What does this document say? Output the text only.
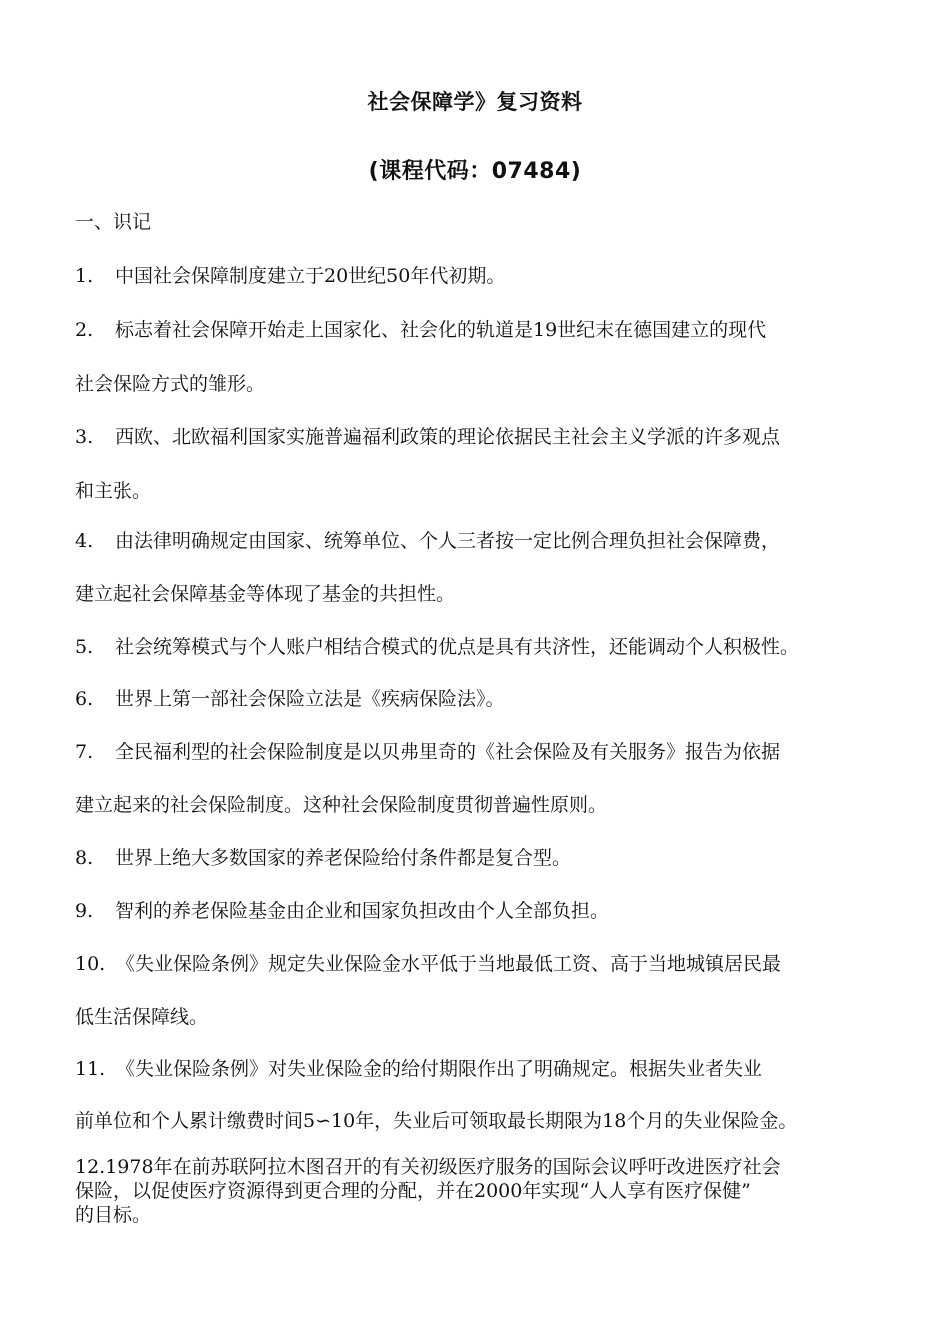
社会保障学》复习资料
(课程代码：07484)
一、识记
1. 中国社会保障制度建立于20世纪50年代初期。
2. 标志着社会保障开始走上国家化、社会化的轨道是19世纪末在德国建立的现代
社会保险方式的雏形。
3. 西欧、北欧福利国家实施普遍福利政策的理论依据民主社会主义学派的许多观点
和主张。
4. 由法律明确规定由国家、统筹单位、个人三者按一定比例合理负担社会保障费，
建立起社会保障基金等体现了基金的共担性。
5. 社会统筹模式与个人账户相结合模式的优点是具有共济性，还能调动个人积极性。
6. 世界上第一部社会保险立法是《疾病保险法》。
7. 全民福利型的社会保险制度是以贝弗里奇的《社会保险及有关服务》报告为依据
建立起来的社会保险制度。这种社会保险制度贯彻普遍性原则。
8. 世界上绝大多数国家的养老保险给付条件都是复合型。
9. 智利的养老保险基金由企业和国家负担改由个人全部负担。
10. 《失业保险条例》规定失业保险金水平低于当地最低工资、高于当地城镇居民最
低生活保障线。
11. 《失业保险条例》对失业保险金的给付期限作出了明确规定。根据失业者失业
前单位和个人累计缴费时间5∽10年，失业后可领取最长期限为18个月的失业保险金。
12.1978年在前苏联阿拉木图召开的有关初级医疗服务的国际会议呼吁改进医疗社会
保险，以促使医疗资源得到更合理的分配，并在2000年实现“人人享有医疗保健”
的目标。
